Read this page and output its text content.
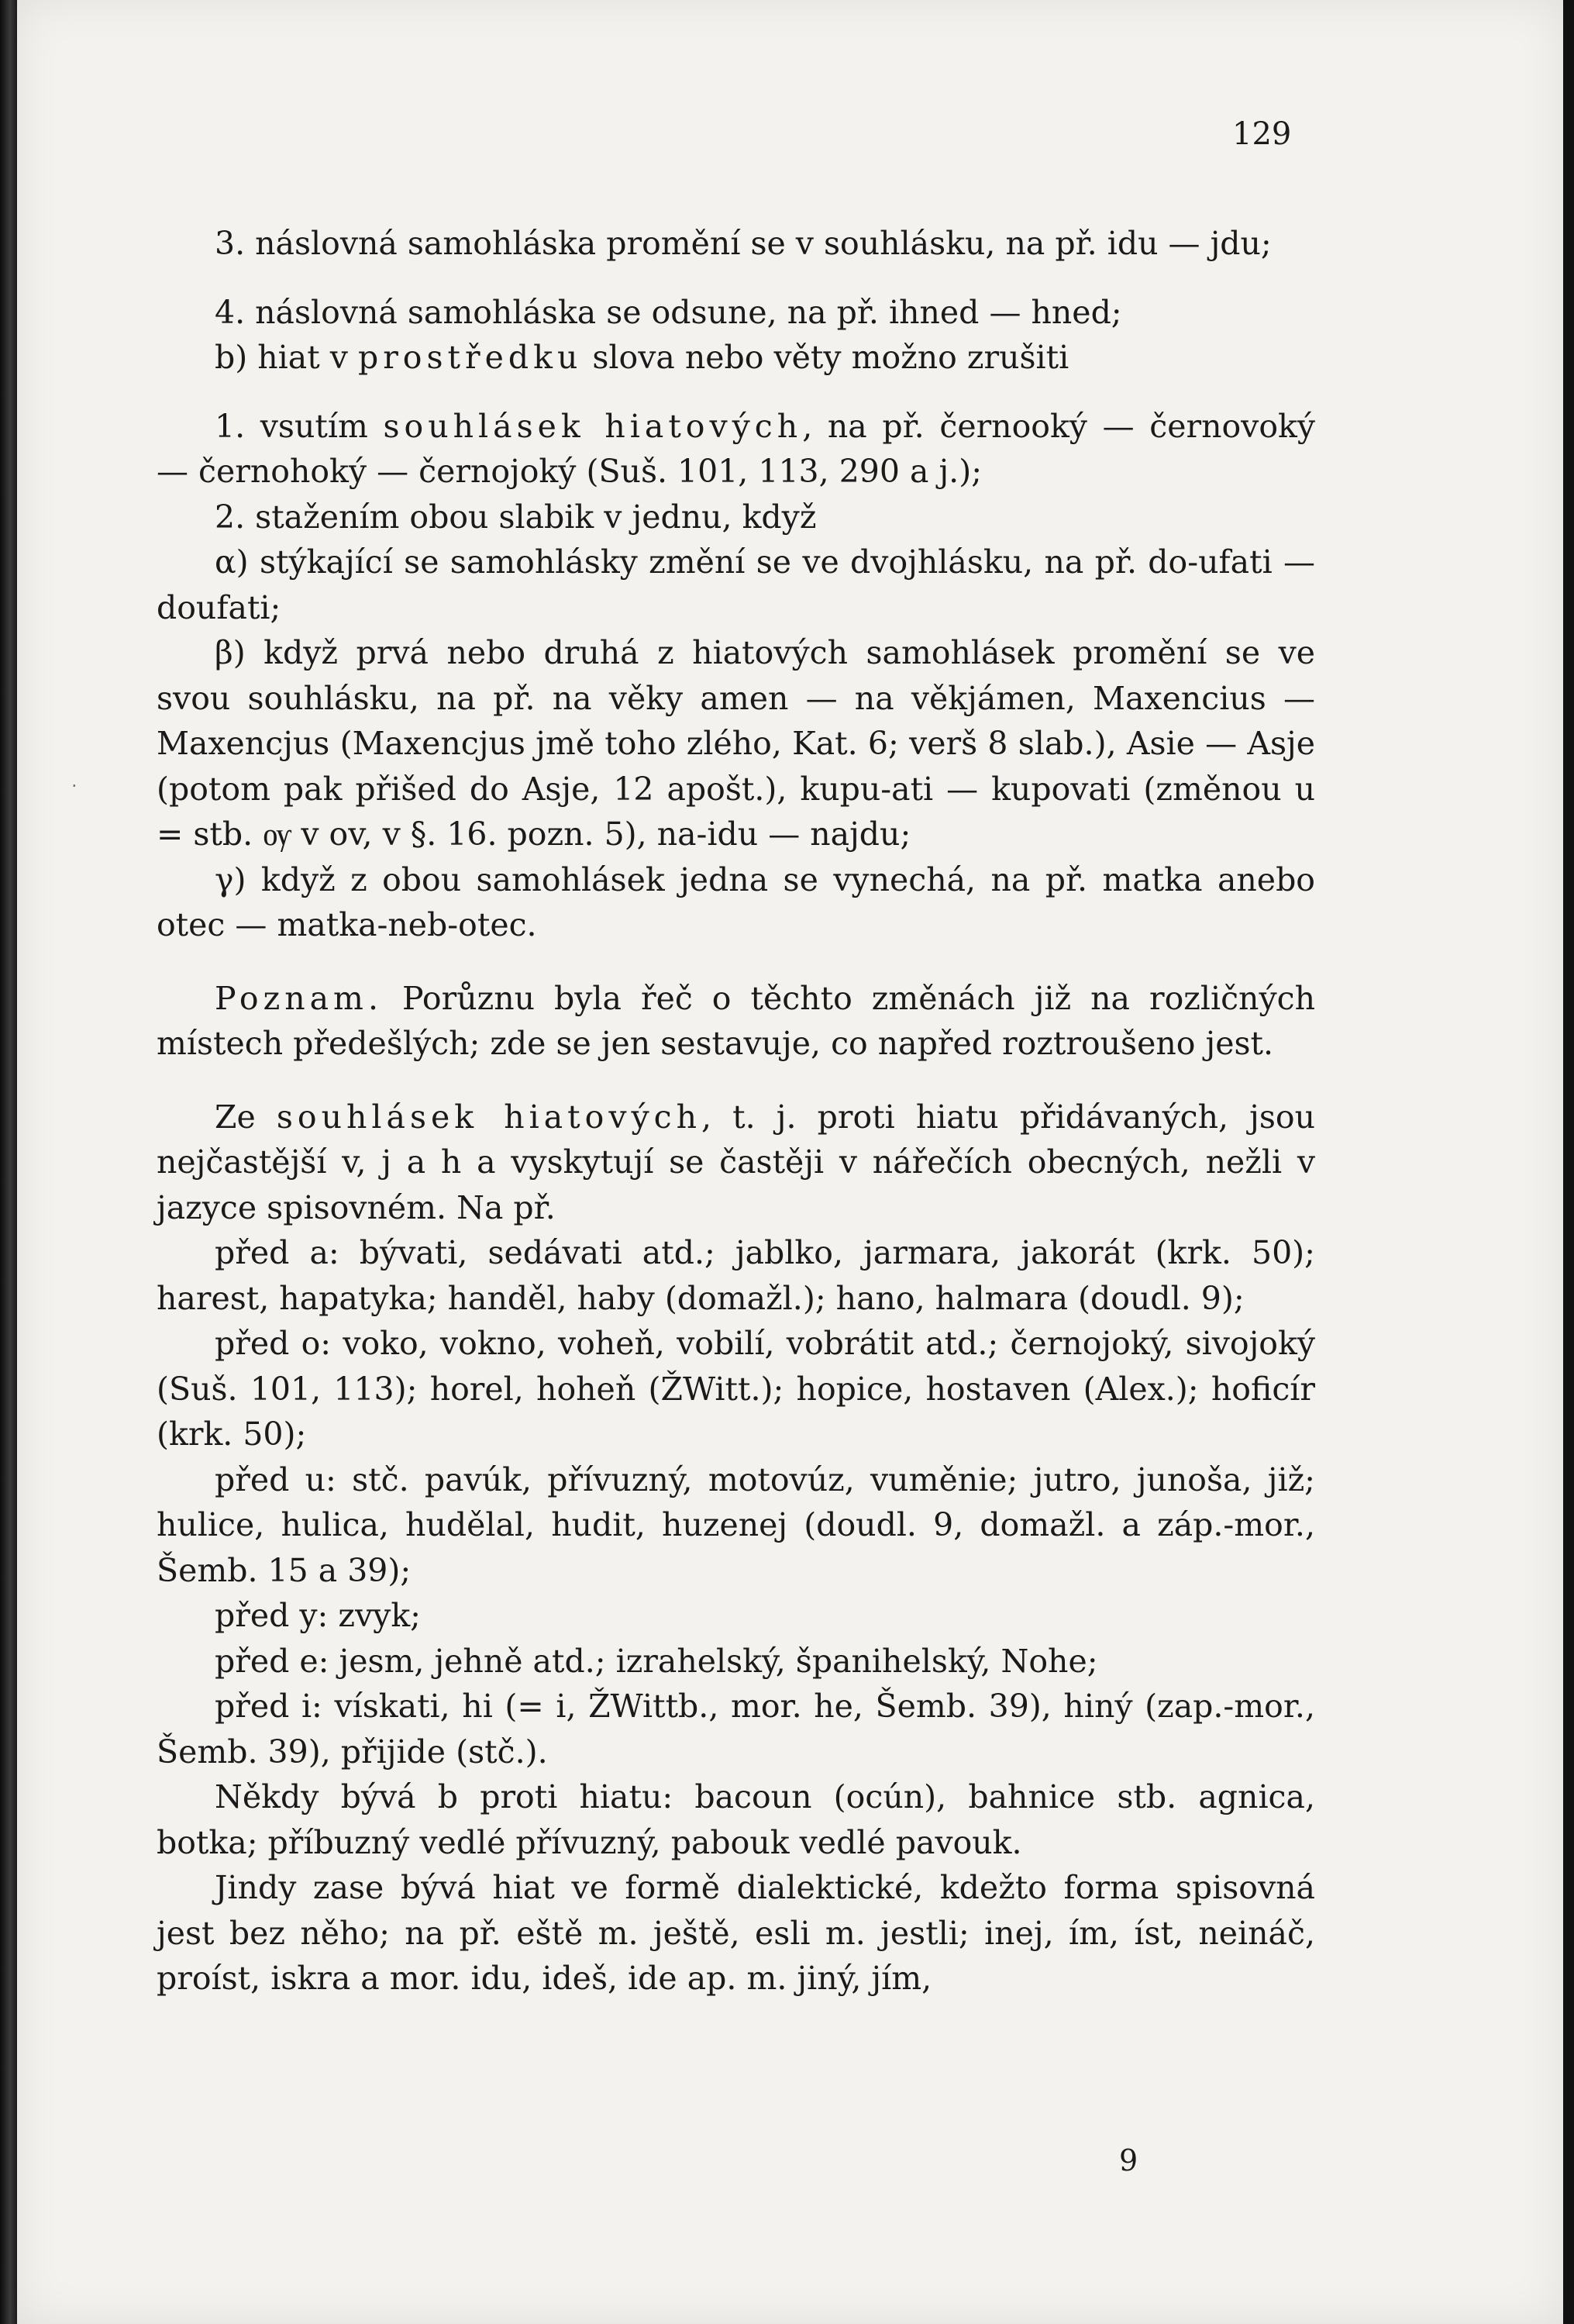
129

3. náslovná samohláska promění se v souhlásku, na př. idu — jdu;

4. náslovná samohláska se odsune, na př. ihned — hned;

b) hiat v prostředku slova nebo věty možno zrušiti

1. vsutím souhlásek hiatových, na př. černooký — černovoký — černohoký — černojoký (Suš. 101, 113, 290 a j.);

2. stažením obou slabik v jednu, když

α) stýkající se samohlásky změní se ve dvojhlásku, na př. do-ufati — doufati;

β) když prvá nebo druhá z hiatových samohlásek promění se ve svou souhlásku, na př. na věky amen — na věkjámen, Maxencius — Maxencjus (Maxencjus jmě toho zlého, Kat. 6; verš 8 slab.), Asie — Asje (potom pak přišed do Asje, 12 apošt.), kupu-ati — kupovati (změnou u = stb. ѹ v ov, v §. 16. pozn. 5), na-idu — najdu;

γ) když z obou samohlásek jedna se vynechá, na př. matka anebo otec — matka-neb-otec.

Poznam. Porůznu byla řeč o těchto změnách již na rozličných místech předešlých; zde se jen sestavuje, co napřed roztroušeno jest.

Ze souhlásek hiatových, t. j. proti hiatu přidávaných, jsou nejčastější v, j a h a vyskytují se častěji v nářečích obecných, nežli v jazyce spisovném. Na př.

před a: bývati, sedávati atd.; jablko, jarmara, jakorát (krk. 50); harest, hapatyka; handěl, haby (domažl.); hano, halmara (doudl. 9);

před o: voko, vokno, voheň, vobilí, vobrátit atd.; černojoký, sivojoký (Suš. 101, 113); horel, hoheň (ŽWitt.); hopice, hostaven (Alex.); hoficír (krk. 50);

před u: stč. pavúk, přívuzný, motovúz, vuměnie; jutro, junoša, již; hulice, hulica, hudělal, hudit, huzenej (doudl. 9, domažl. a záp.-mor., Šemb. 15 a 39);

před y: zvyk;

před e: jesm, jehně atd.; izrahelský, španihelský, Nohe;

před i: vískati, hi (= i, ŽWittb., mor. he, Šemb. 39), hiný (zap.-mor., Šemb. 39), přijide (stč.).

Někdy bývá b proti hiatu: bacoun (ocún), bahnice stb. agnica, botka; příbuzný vedlé přívuzný, pabouk vedlé pavouk.

Jindy zase bývá hiat ve formě dialektické, kdežto forma spisovná jest bez něho; na př. eště m. ještě, esli m. jestli; inej, ím, íst, neináč, proíst, iskra a mor. idu, ideš, ide ap. m. jiný, jím,

9
·
